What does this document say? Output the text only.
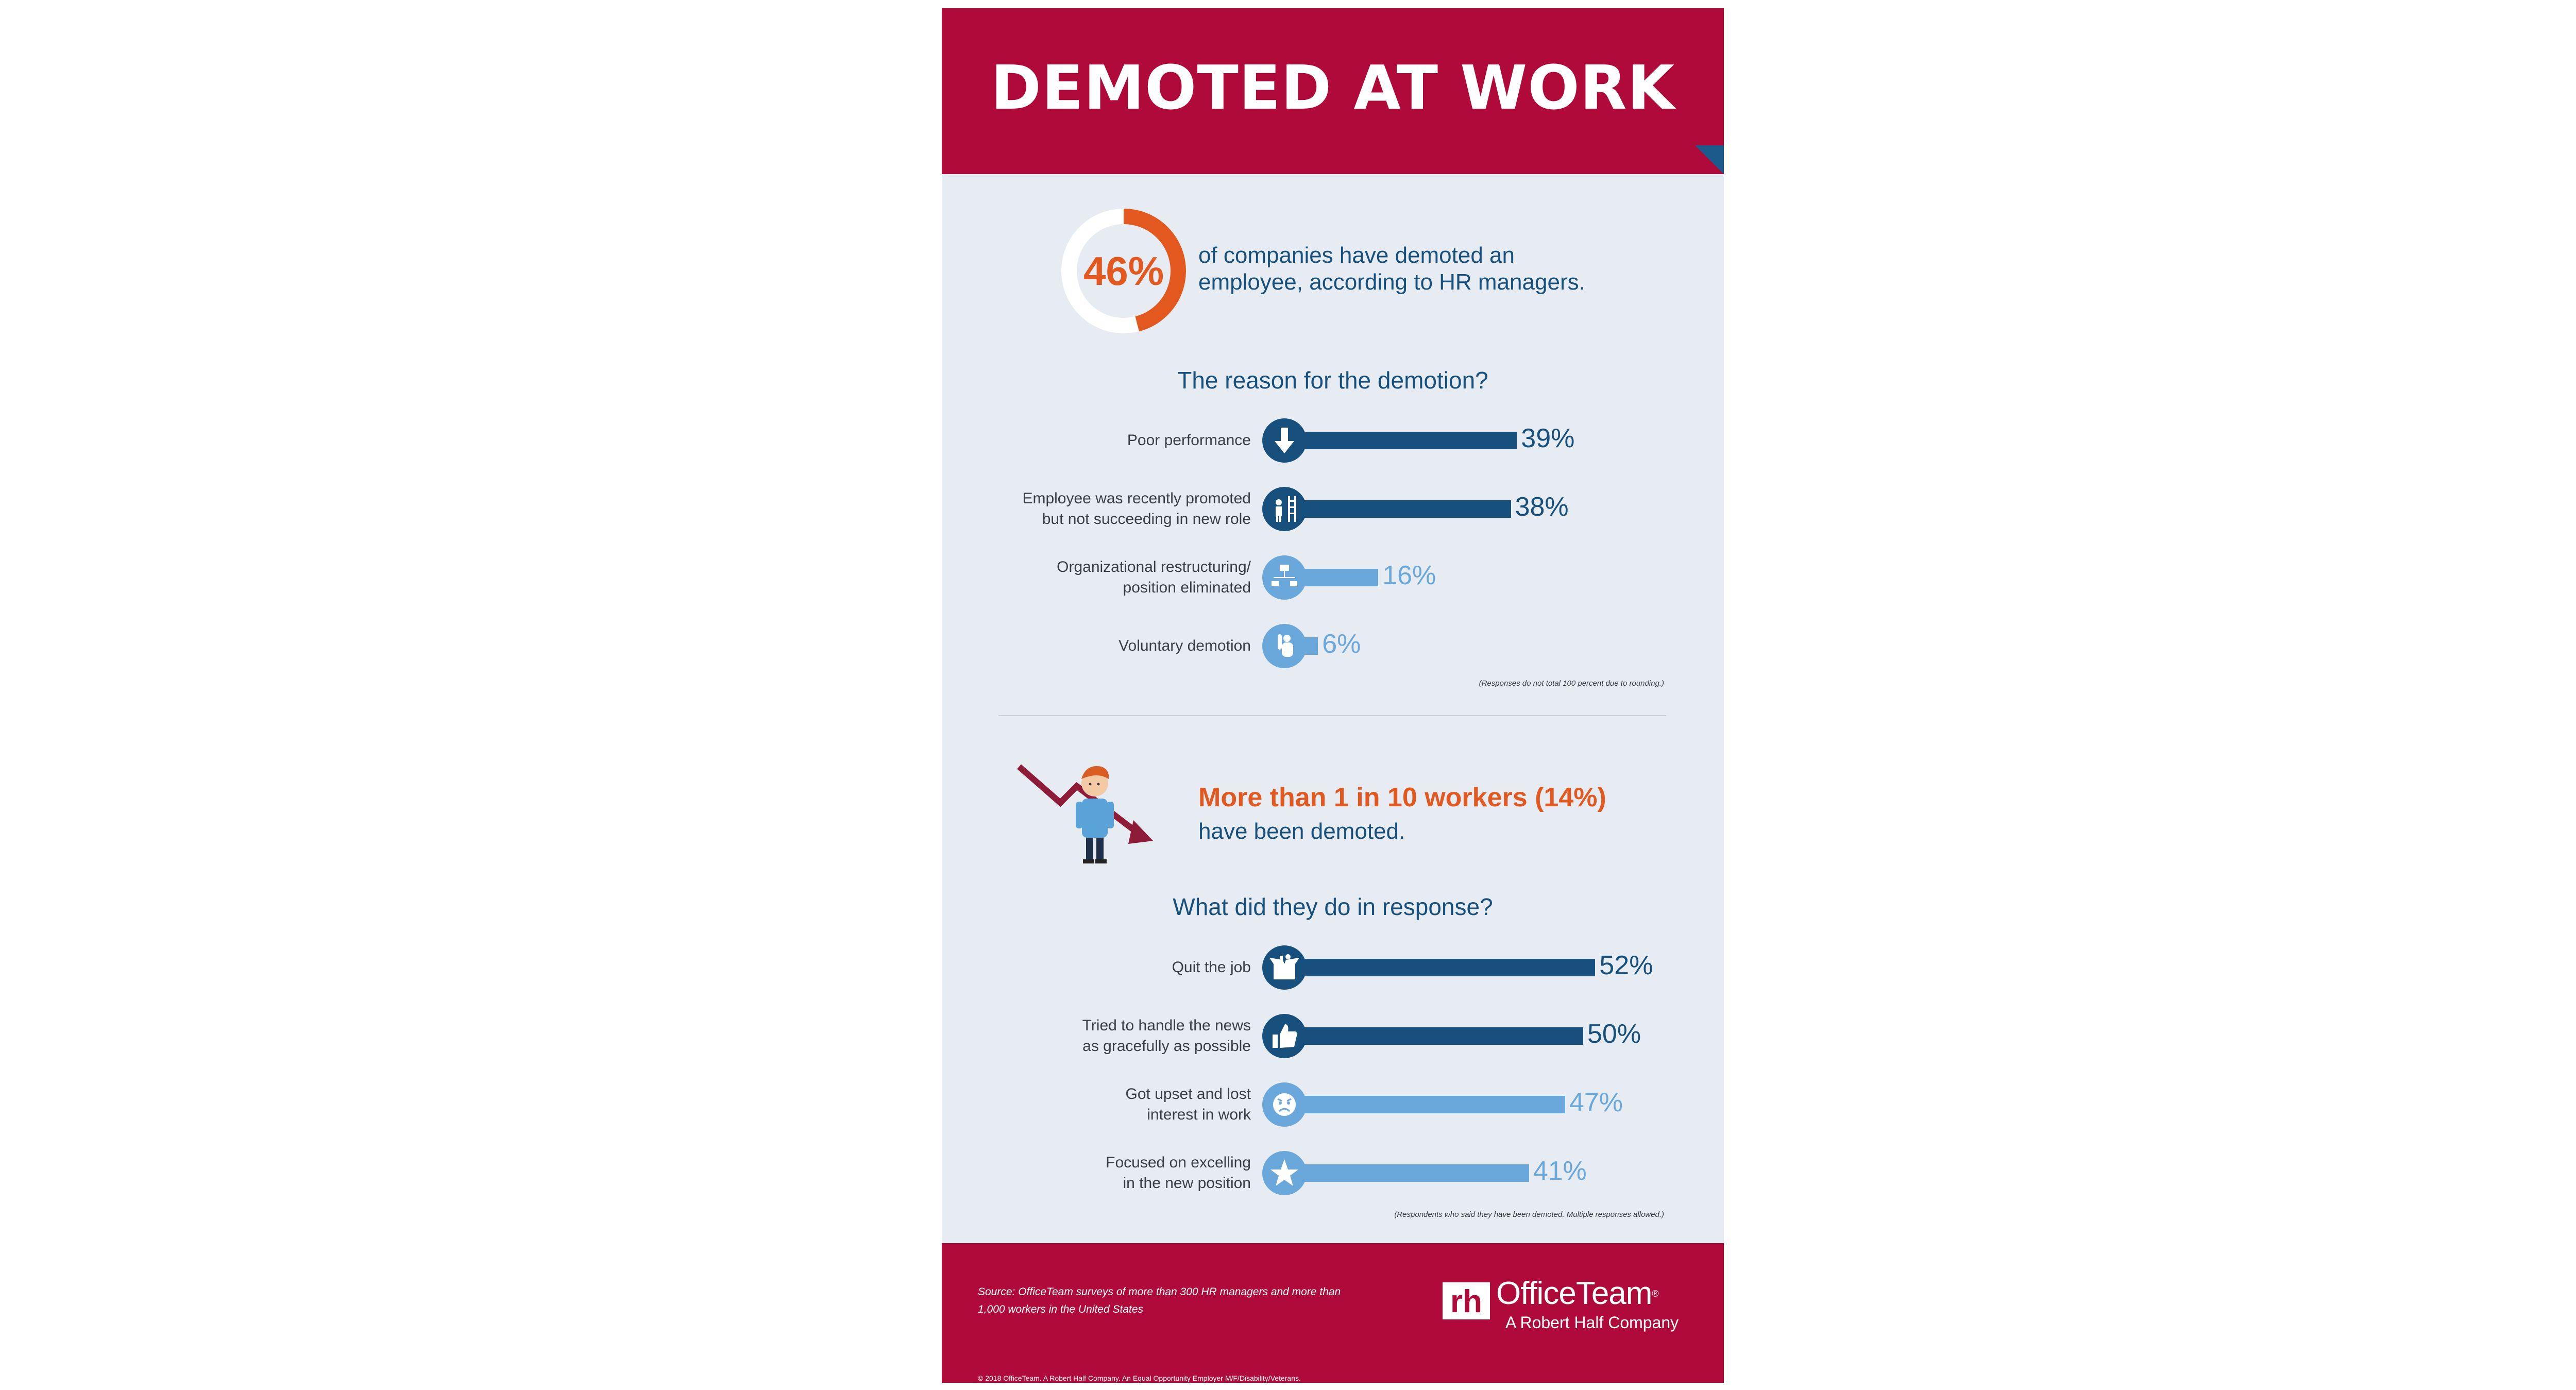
DEMOTED AT WORK
46%	of companies have demoted an
employee, according to HR managers.
The reason for the demotion?
Poor performance	39%
Employee was recently promoted
but not succeeding in new role	38%
Organizational restructuring/
position eliminated	16%
Voluntary demotion	6%
(Responses do not total 100 percent due to rounding.)
More than 1 in 10 workers (14%)
have been demoted.
What did they do in response?
Quit the job	52%
Tried to handle the news
as gracefully as possible	50%
Got upset and lost
interest in work	47%
Focused on excelling
in the new position	41%
(Respondents who said they have been demoted. Multiple responses allowed.)
Source: OfficeTeam surveys of more than 300 HR managers and more than 1,000 workers in the United States	rh OfficeTeam®
A Robert Half Company
© 2018 OfficeTeam. A Robert Half Company. An Equal Opportunity Employer M/F/Disability/Veterans.
